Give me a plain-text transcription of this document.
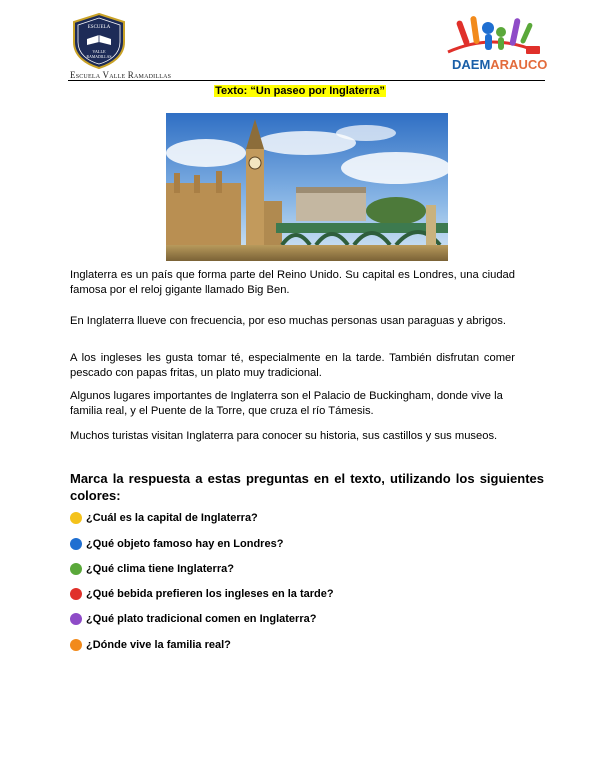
ESCUELA
VALLE
RAMADILLAS
Escuela Valle Ramadillas
DAEMARAUCO
Texto: “Un paseo por Inglaterra”

Inglaterra es un país que forma parte del Reino Unido. Su capital es Londres, una ciudad famosa por el reloj gigante llamado Big Ben.

En Inglaterra llueve con frecuencia, por eso muchas personas usan paraguas y abrigos.

A los ingleses les gusta tomar té, especialmente en la tarde. También disfrutan comer pescado con papas fritas, un plato muy tradicional.

Algunos lugares importantes de Inglaterra son el Palacio de Buckingham, donde vive la familia real, y el Puente de la Torre, que cruza el río Támesis.

Muchos turistas visitan Inglaterra para conocer su historia, sus castillos y sus museos.

Marca la respuesta a estas preguntas en el texto, utilizando los siguientes colores:
¿Cuál es la capital de Inglaterra?
¿Qué objeto famoso hay en Londres?
¿Qué clima tiene Inglaterra?
¿Qué bebida prefieren los ingleses en la tarde?
¿Qué plato tradicional comen en Inglaterra?
¿Dónde vive la familia real?
